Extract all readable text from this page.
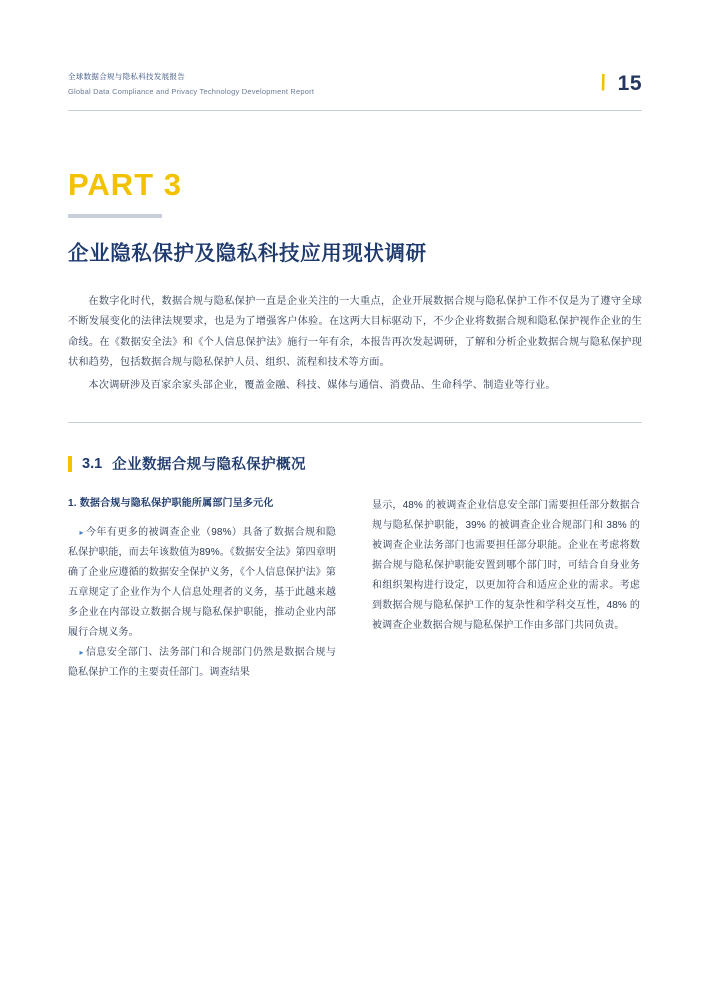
全球数据合规与隐私科技发展报告
Global Data Compliance and Privacy Technology Development Report	\ 15
PART 3
企业隐私保护及隐私科技应用现状调研

在数字化时代，数据合规与隐私保护一直是企业关注的一大重点，企业开展数据合规与隐私保护工作不仅是为了遵守全球不断发展变化的法律法规要求，也是为了增强客户体验。在这两大目标驱动下，不少企业将数据合规和隐私保护视作企业的生命线。在《数据安全法》和《个人信息保护法》施行一年有余，本报告再次发起调研，了解和分析企业数据合规与隐私保护现状和趋势，包括数据合规与隐私保护人员、组织、流程和技术等方面。

本次调研涉及百家余家头部企业，覆盖金融、科技、媒体与通信、消费品、生命科学、制造业等行业。

3.1 企业数据合规与隐私保护概况
1. 数据合规与隐私保护职能所属部门呈多元化

▸ 今年有更多的被调查企业（98%）具备了数据合规和隐私保护职能，而去年该数值为89%。《数据安全法》第四章明确了企业应遵循的数据安全保护义务，《个人信息保护法》第五章规定了企业作为个人信息处理者的义务，基于此越来越多企业在内部设立数据合规与隐私保护职能，推动企业内部履行合规义务。

▸ 信息安全部门、法务部门和合规部门仍然是数据合规与隐私保护工作的主要责任部门。调查结果

显示，48% 的被调查企业信息安全部门需要担任部分数据合规与隐私保护职能，39% 的被调查企业合规部门和 38% 的被调查企业法务部门也需要担任部分职能。企业在考虑将数据合规与隐私保护职能安置到哪个部门时，可结合自身业务和组织架构进行设定，以更加符合和适应企业的需求。考虑到数据合规与隐私保护工作的复杂性和学科交互性，48% 的被调查企业数据合规与隐私保护工作由多部门共同负责。
